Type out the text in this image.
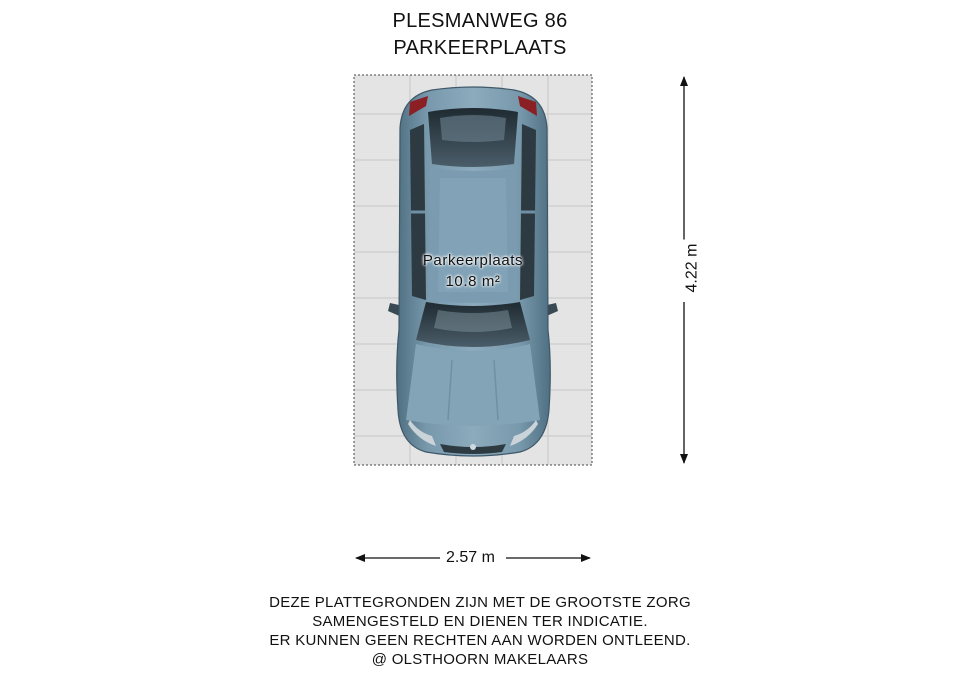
PLESMANWEG 86
PARKEERPLAATS
Parkeerplaats
10.8 m²
2.57 m
4.22 m
DEZE PLATTEGRONDEN ZIJN MET DE GROOTSTE ZORG
SAMENGESTELD EN DIENEN TER INDICATIE.
ER KUNNEN GEEN RECHTEN AAN WORDEN ONTLEEND.
@ OLSTHOORN MAKELAARS
